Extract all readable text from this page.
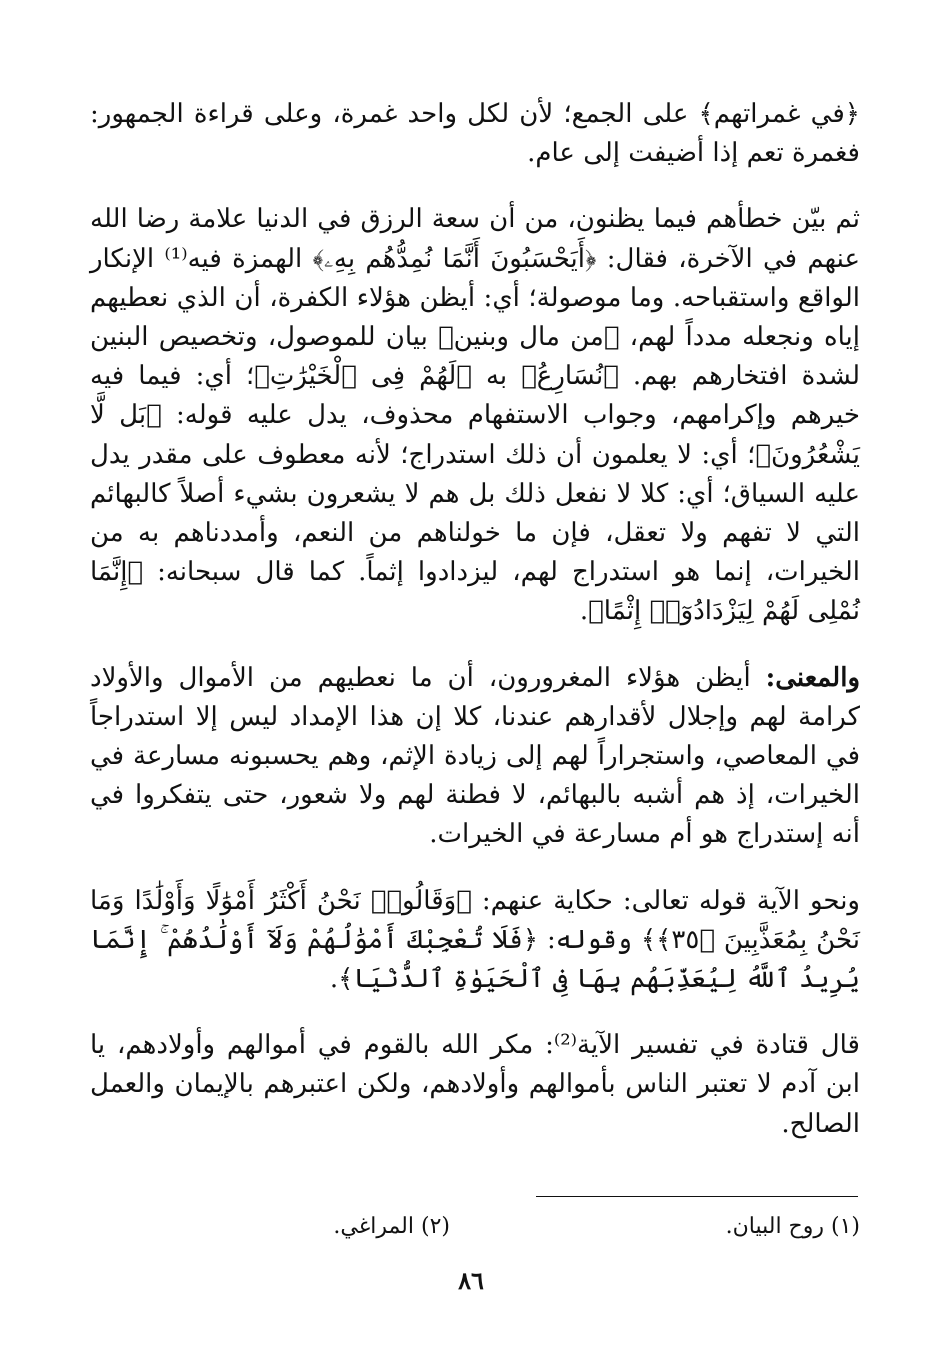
﴿في غمراتهم﴾ على الجمع؛ لأن لكل واحد غمرة، وعلى قراءة الجمهور: فغمرة تعم إذا أضيفت إلى عام.

ثم بيّن خطأهم فيما يظنون، من أن سعة الرزق في الدنيا علامة رضا الله عنهم في الآخرة، فقال: ﴿أَيَحْسَبُونَ أَنَّمَا نُمِدُّهُم بِهِۦ﴾ الهمزة فيه⁽¹⁾ الإنكار الواقع واستقباحه. وما موصولة؛ أي: أيظن هؤلاء الكفرة، أن الذي نعطيهم إياه ونجعله مدداً لهم، ﴿من مال وبنين﴾ بيان للموصول، وتخصيص البنين لشدة افتخارهم بهم. ﴿نُسَارِعُ﴾ به ﴿لَهُمْ فِى ٱلْخَيْرَٰتِ﴾؛ أي: فيما فيه خيرهم وإكرامهم، وجواب الاستفهام محذوف، يدل عليه قوله: ﴿بَل لَّا يَشْعُرُونَ﴾؛ أي: لا يعلمون أن ذلك استدراج؛ لأنه معطوف على مقدر يدل عليه السياق؛ أي: كلا لا نفعل ذلك بل هم لا يشعرون بشيء أصلاً كالبهائم التي لا تفهم ولا تعقل، فإن ما خولناهم من النعم، وأمددناهم به من الخيرات، إنما هو استدراج لهم، ليزدادوا إثماً. كما قال سبحانه: ﴿إِنَّمَا نُمْلِى لَهُمْ لِيَزْدَادُوٓا۟ إِثْمًا﴾.

والمعنى: أيظن هؤلاء المغرورون، أن ما نعطيهم من الأموال والأولاد كرامة لهم وإجلال لأقدارهم عندنا، كلا إن هذا الإمداد ليس إلا استدراجاً في المعاصي، واستجراراً لهم إلى زيادة الإثم، وهم يحسبونه مسارعة في الخيرات، إذ هم أشبه بالبهائم، لا فطنة لهم ولا شعور، حتى يتفكروا في أنه إستدراج هو أم مسارعة في الخيرات.

ونحو الآية قوله تعالى: حكاية عنهم: ﴿وَقَالُوا۟ نَحْنُ أَكْثَرُ أَمْوَٰلًا وَأَوْلَٰدًا وَمَا نَحْنُ بِمُعَذَّبِينَ ﴿٣٥﴾﴾ وقوله: ﴿فَلَا تُعْجِبْكَ أَمْوَٰلُهُمْ وَلَآ أَوْلَٰدُهُمْ ۚ إِنَّمَا يُرِيدُ ٱللَّهُ لِيُعَذِّبَهُم بِهَا فِى ٱلْحَيَوٰةِ ٱلدُّنْيَا﴾.

قال قتادة في تفسير الآية⁽²⁾: مكر الله بالقوم في أموالهم وأولادهم، يا ابن آدم لا تعتبر الناس بأموالهم وأولادهم، ولكن اعتبرهم بالإيمان والعمل الصالح.

(١) روح البيان.
(٢) المراغي.
٨٦
